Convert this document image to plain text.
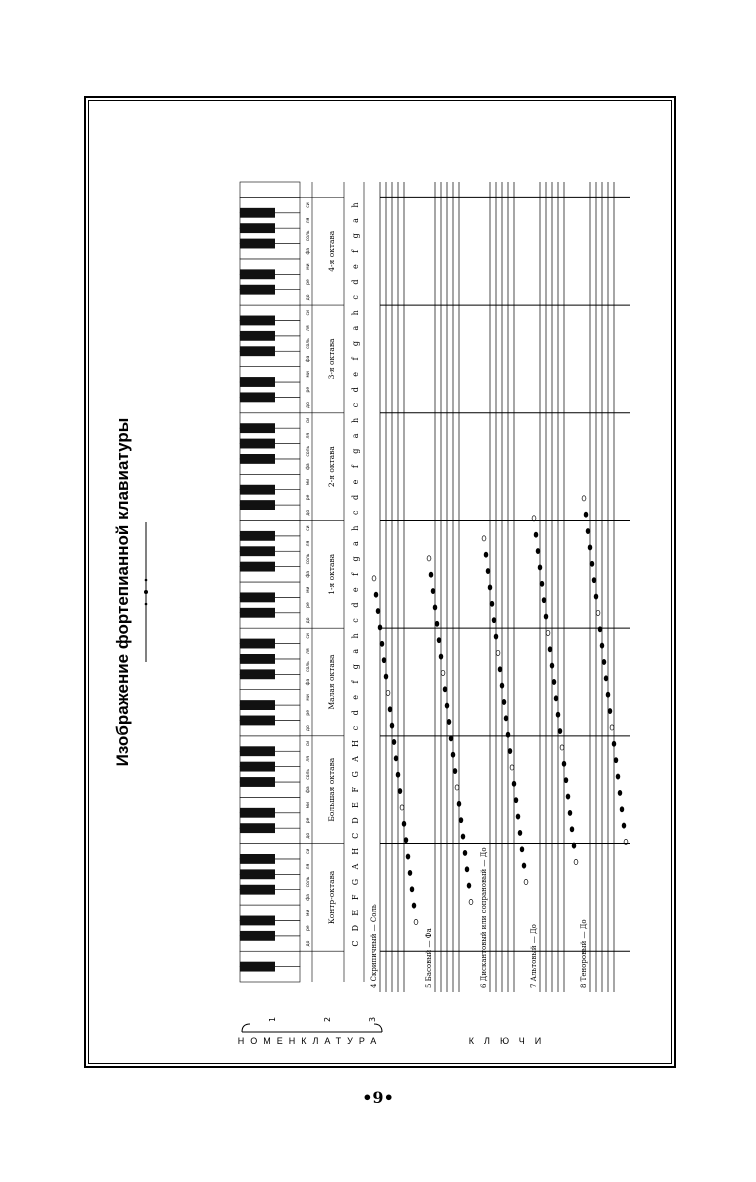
Изображение фортепианной клавиатуры
НОМЕНКЛАТУРА	КЛЮЧИ
1	2	3
Контр-октава
до
ре
ми
фа
соль
ля
си
Большая октава
до
ре
ми
фа
соль
ля
си
Малая октава
до
ре
ми
фа
соль
ля
си
1-я октава
до
ре
ми
фа
соль
ля
си
2-я октава
до
ре
ми
фа
соль
ля
си
3-я октава
до
ре
ми
фа
соль
ля
си
4-я октава
до
ре
ми
фа
соль
ля
си
C
D
E
F
G
A
H
C
D
E
F
G
A
H
c
d
e
f
g
a
h
c
d
e
f
g
a
h
c
d
e
f
g
a
h
c
d
e
f
g
a
h
c
d
e
f
g
a
h
4 Скрипичный — Соль	5 Басовый — Фа	6 Дискантовый или сопрановый — До	7 Альтовый — До	8 Теноровый — До
•9•
